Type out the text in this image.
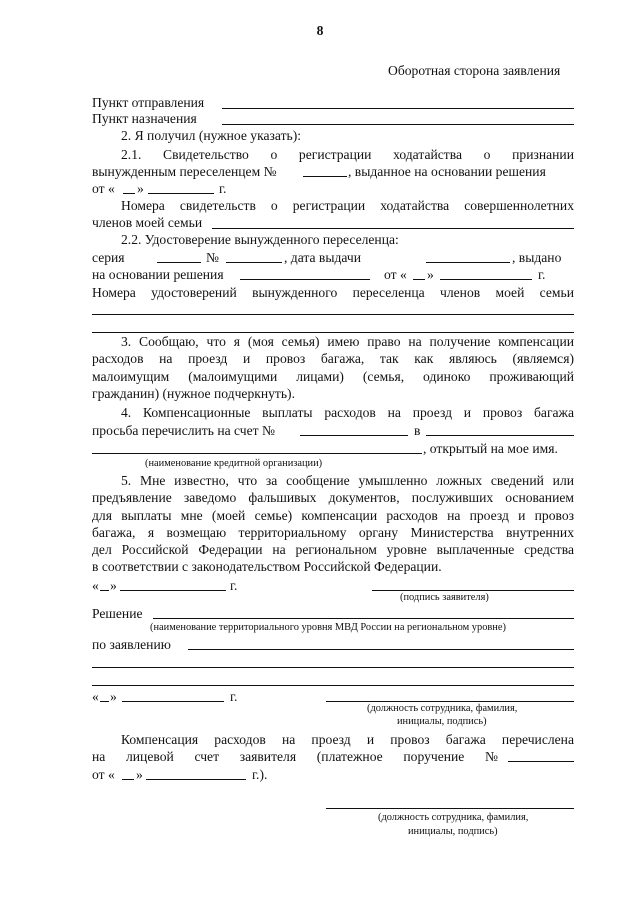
8
Оборотная сторона заявления
Пункт отправления
Пункт назначения
2. Я получил (нужное указать):
2.1. Свидетельство о регистрации ходатайства о признании
вынужденным переселенцем №	, выданное на основании решения
от « »	г.
Номера свидетельств о регистрации ходатайства совершеннолетних
членов моей семьи
2.2. Удостоверение вынужденного переселенца:
серия	№	, дата выдачи	, выдано
на основании решения	от « »	г.
Номера удостоверений вынужденного переселенца членов моей семьи
3. Сообщаю, что я (моя семья) имею право на получение компенсации
расходов на проезд и провоз багажа, так как являюсь (являемся)
малоимущим (малоимущими лицами) (семья, одиноко проживающий
гражданин) (нужное подчеркнуть).
4. Компенсационные выплаты расходов на проезд и провоз багажа
просьба перечислить на счет №	в
, открытый на мое имя.
(наименование кредитной организации)
5. Мне известно, что за сообщение умышленно ложных сведений или
предъявление заведомо фальшивых документов, послуживших основанием
для выплаты мне (моей семье) компенсации расходов на проезд и провоз
багажа, я возмещаю территориальному органу Министерства внутренних
дел Российской Федерации на региональном уровне выплаченные средства
в соответствии с законодательством Российской Федерации.
« »	г.
(подпись заявителя)
Решение
(наименование территориального уровня МВД России на региональном уровне)
по заявлению
« »	г.
(должность сотрудника, фамилия,
инициалы, подпись)
Компенсация расходов на проезд и провоз багажа перечислена
на лицевой счет заявителя (платежное поручение №
от « »	г.).
(должность сотрудника, фамилия,
инициалы, подпись)
